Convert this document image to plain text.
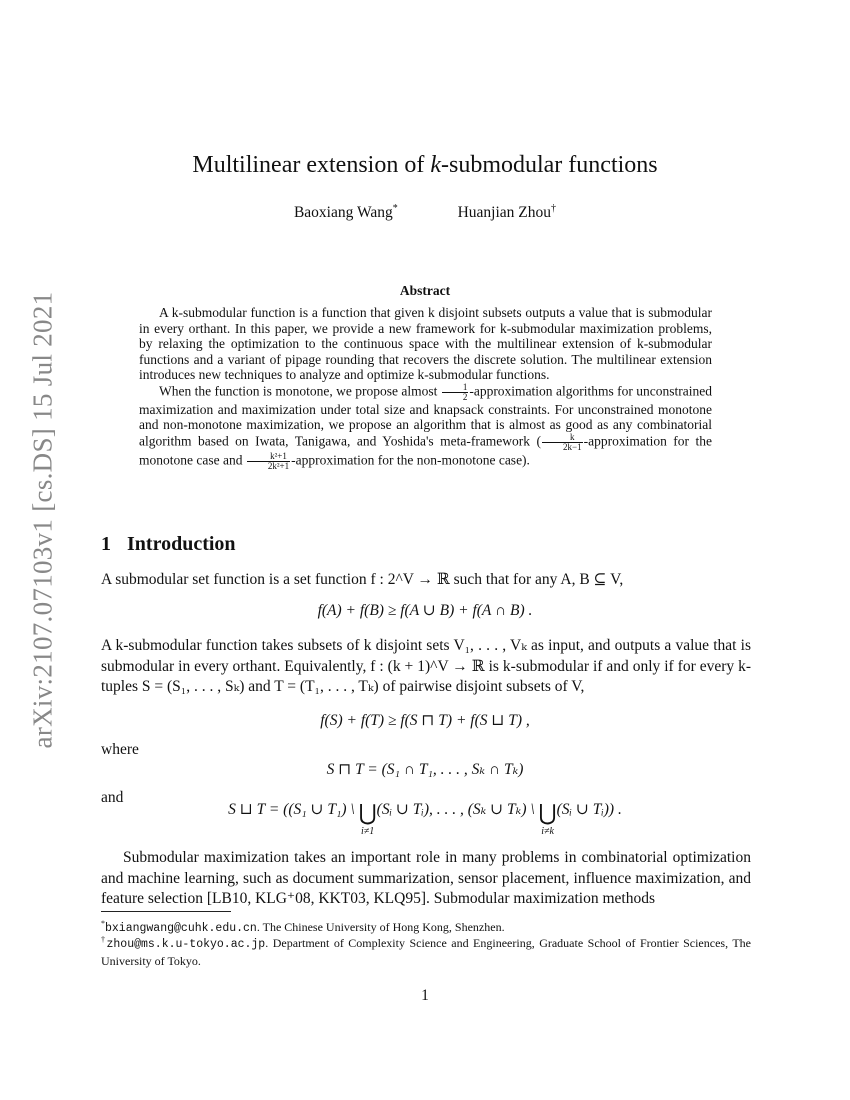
arXiv:2107.07103v1 [cs.DS] 15 Jul 2021
Multilinear extension of k-submodular functions
Baoxiang Wang*	Huanjian Zhou†
Abstract

A k-submodular function is a function that given k disjoint subsets outputs a value that is submodular in every orthant. In this paper, we provide a new framework for k-submodular maximization problems, by relaxing the optimization to the continuous space with the multilinear extension of k-submodular functions and a variant of pipage rounding that recovers the discrete solution. The multilinear extension introduces new techniques to analyze and optimize k-submodular functions.

When the function is monotone, we propose almost $\frac{1}{2}$ -approximation algorithms for unconstrained maximization and maximization under total size and knapsack constraints. For unconstrained monotone and non-monotone maximization, we propose an algorithm that is almost as good as any combinatorial algorithm based on Iwata, Tanigawa, and Yoshida's meta-framework ( $\frac{k}{2k-1}$ -approximation for the monotone case and $\frac{\text{k²+1}}{\text{2k²+1}}$ -approximation for the non-monotone case).

1 Introduction
A submodular set function is a set function f : 2^V → ℝ such that for any A, B ⊆ V,
f(A) + f(B) ≥ f(A ∪ B) + f(A ∩ B) .
A k-submodular function takes subsets of k disjoint sets V₁, . . . , Vₖ as input, and outputs a value that is submodular in every orthant. Equivalently, f : (k + 1)^V → ℝ is k-submodular if and only if for every k-tuples S = (S₁, . . . , Sₖ) and T = (T₁, . . . , Tₖ) of pairwise disjoint subsets of V,
f(S) + f(T) ≥ f(S ⊓ T) + f(S ⊔ T) ,
where
S ⊓ T = (S₁ ∩ T₁, . . . , Sₖ ∩ Tₖ)
and
S ⊔ T = ((S₁ ∪ T₁) \ ⋃
i≠1
(Sᵢ ∪ Tᵢ), . . . , (Sₖ ∪ Tₖ) \ ⋃
i≠k
(Sᵢ ∪ Tᵢ)) .
Submodular maximization takes an important role in many problems in combinatorial optimization and machine learning, such as document summarization, sensor placement, influence maximization, and feature selection [LB10, KLG⁺08, KKT03, KLQ95]. Submodular maximization methods
*bxiangwang@cuhk.edu.cn. The Chinese University of Hong Kong, Shenzhen.
†zhou@ms.k.u-tokyo.ac.jp. Department of Complexity Science and Engineering, Graduate School of Frontier Sciences, The University of Tokyo.
1
